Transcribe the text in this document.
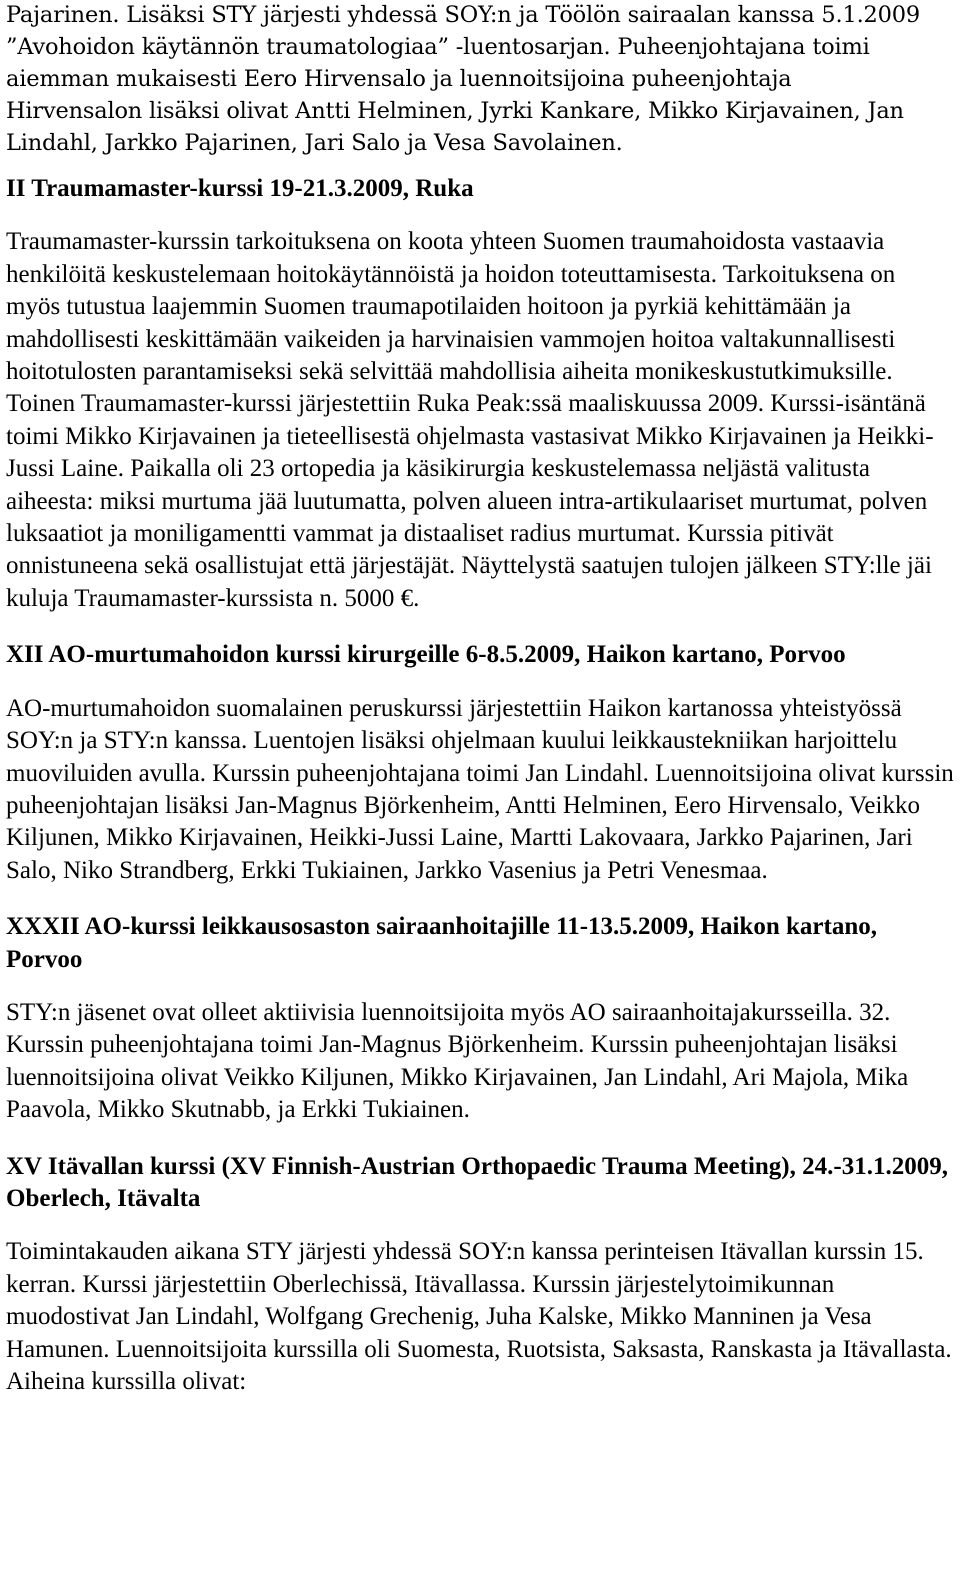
Pajarinen. Lisäksi STY järjesti yhdessä SOY:n ja Töölön sairaalan kanssa 5.1.2009
”Avohoidon käytännön traumatologiaa” -luentosarjan. Puheenjohtajana toimi
aiemman mukaisesti Eero Hirvensalo ja luennoitsijoina puheenjohtaja
Hirvensalon lisäksi olivat Antti Helminen, Jyrki Kankare, Mikko Kirjavainen, Jan
Lindahl, Jarkko Pajarinen, Jari Salo ja Vesa Savolainen.
II Traumamaster-kurssi 19-21.3.2009, Ruka

Traumamaster-kurssin tarkoituksena on koota yhteen Suomen traumahoidosta vastaavia henkilöitä keskustelemaan hoitokäytännöistä ja hoidon toteuttamisesta. Tarkoituksena on myös tutustua laajemmin Suomen traumapotilaiden hoitoon ja pyrkiä kehittämään ja mahdollisesti keskittämään vaikeiden ja harvinaisien vammojen hoitoa valtakunnallisesti hoitotulosten parantamiseksi sekä selvittää mahdollisia aiheita monikeskustutkimuksille. Toinen Traumamaster-kurssi järjestettiin Ruka Peak:ssä maaliskuussa 2009. Kurssi-isäntänä toimi Mikko Kirjavainen ja tieteellisestä ohjelmasta vastasivat Mikko Kirjavainen ja Heikki-Jussi Laine. Paikalla oli 23 ortopedia ja käsikirurgia keskustelemassa neljästä valitusta aiheesta: miksi murtuma jää luutumatta, polven alueen intra-artikulaariset murtumat, polven luksaatiot ja moniligamentti vammat ja distaaliset radius murtumat. Kurssia pitivät onnistuneena sekä osallistujat että järjestäjät. Näyttelystä saatujen tulojen jälkeen STY:lle jäi kuluja Traumamaster-kurssista n. 5000 €.

XII AO-murtumahoidon kurssi kirurgeille 6-8.5.2009, Haikon kartano, Porvoo

AO-murtumahoidon suomalainen peruskurssi järjestettiin Haikon kartanossa yhteistyössä SOY:n ja STY:n kanssa. Luentojen lisäksi ohjelmaan kuului leikkaustekniikan harjoittelu muoviluiden avulla. Kurssin puheenjohtajana toimi Jan Lindahl. Luennoitsijoina olivat kurssin puheenjohtajan lisäksi Jan-Magnus Björkenheim, Antti Helminen, Eero Hirvensalo, Veikko Kiljunen, Mikko Kirjavainen, Heikki-Jussi Laine, Martti Lakovaara, Jarkko Pajarinen, Jari Salo, Niko Strandberg, Erkki Tukiainen, Jarkko Vasenius ja Petri Venesmaa.

XXXII AO-kurssi leikkausosaston sairaanhoitajille 11-13.5.2009, Haikon kartano, Porvoo

STY:n jäsenet ovat olleet aktiivisia luennoitsijoita myös AO sairaanhoitajakursseilla. 32. Kurssin puheenjohtajana toimi Jan-Magnus Björkenheim. Kurssin puheenjohtajan lisäksi luennoitsijoina olivat Veikko Kiljunen, Mikko Kirjavainen, Jan Lindahl, Ari Majola, Mika Paavola, Mikko Skutnabb, ja Erkki Tukiainen.

XV Itävallan kurssi (XV Finnish-Austrian Orthopaedic Trauma Meeting), 24.-31.1.2009, Oberlech, Itävalta

Toimintakauden aikana STY järjesti yhdessä SOY:n kanssa perinteisen Itävallan kurssin 15. kerran. Kurssi järjestettiin Oberlechissä, Itävallassa. Kurssin järjestelytoimikunnan muodostivat Jan Lindahl, Wolfgang Grechenig, Juha Kalske, Mikko Manninen ja Vesa Hamunen. Luennoitsijoita kurssilla oli Suomesta, Ruotsista, Saksasta, Ranskasta ja Itävallasta. Aiheina kurssilla olivat:
